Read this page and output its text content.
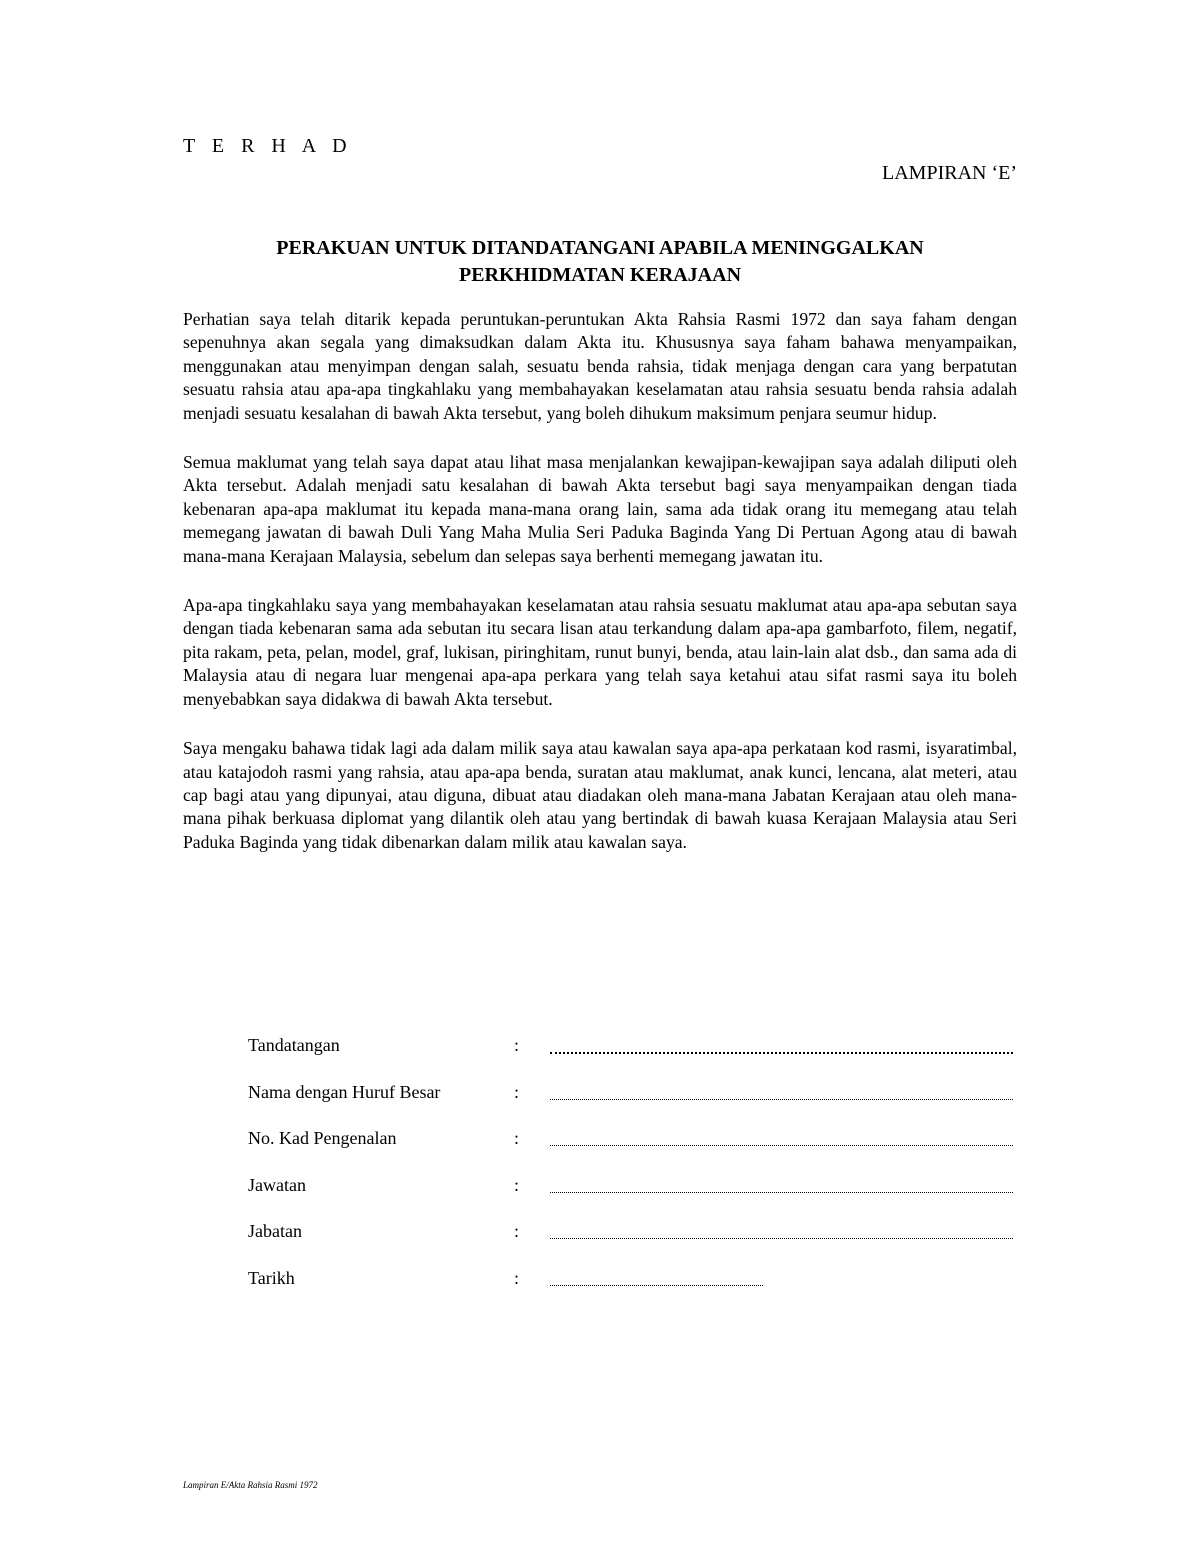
T E R H A D
LAMPIRAN ‘E’
PERAKUAN UNTUK DITANDATANGANI APABILA MENINGGALKAN
PERKHIDMATAN KERAJAAN

Perhatian saya telah ditarik kepada peruntukan-peruntukan Akta Rahsia Rasmi 1972 dan saya faham dengan sepenuhnya akan segala yang dimaksudkan dalam Akta itu. Khususnya saya faham bahawa menyampaikan, menggunakan atau menyimpan dengan salah, sesuatu benda rahsia, tidak menjaga dengan cara yang berpatutan sesuatu rahsia atau apa-apa tingkahlaku yang membahayakan keselamatan atau rahsia sesuatu benda rahsia adalah menjadi sesuatu kesalahan di bawah Akta tersebut, yang boleh dihukum maksimum penjara seumur hidup.

Semua maklumat yang telah saya dapat atau lihat masa menjalankan kewajipan-kewajipan saya adalah diliputi oleh Akta tersebut. Adalah menjadi satu kesalahan di bawah Akta tersebut bagi saya menyampaikan dengan tiada kebenaran apa-apa maklumat itu kepada mana-mana orang lain, sama ada tidak orang itu memegang atau telah memegang jawatan di bawah Duli Yang Maha Mulia Seri Paduka Baginda Yang Di Pertuan Agong atau di bawah mana-mana Kerajaan Malaysia, sebelum dan selepas saya berhenti memegang jawatan itu.

Apa-apa tingkahlaku saya yang membahayakan keselamatan atau rahsia sesuatu maklumat atau apa-apa sebutan saya dengan tiada kebenaran sama ada sebutan itu secara lisan atau terkandung dalam apa-apa gambarfoto, filem, negatif, pita rakam, peta, pelan, model, graf, lukisan, piringhitam, runut bunyi, benda, atau lain-lain alat dsb., dan sama ada di Malaysia atau di negara luar mengenai apa-apa perkara yang telah saya ketahui atau sifat rasmi saya itu boleh menyebabkan saya didakwa di bawah Akta tersebut.

Saya mengaku bahawa tidak lagi ada dalam milik saya atau kawalan saya apa-apa perkataan kod rasmi, isyaratimbal, atau katajodoh rasmi yang rahsia, atau apa-apa benda, suratan atau maklumat, anak kunci, lencana, alat meteri, atau cap bagi atau yang dipunyai, atau diguna, dibuat atau diadakan oleh mana-mana Jabatan Kerajaan atau oleh mana-mana pihak berkuasa diplomat yang dilantik oleh atau yang bertindak di bawah kuasa Kerajaan Malaysia atau Seri Paduka Baginda yang tidak dibenarkan dalam milik atau kawalan saya.

Tandatangan	:
Nama dengan Huruf Besar	:
No. Kad Pengenalan	:
Jawatan	:
Jabatan	:
Tarikh	:
Lampiran E/Akta Rahsia Rasmi 1972
